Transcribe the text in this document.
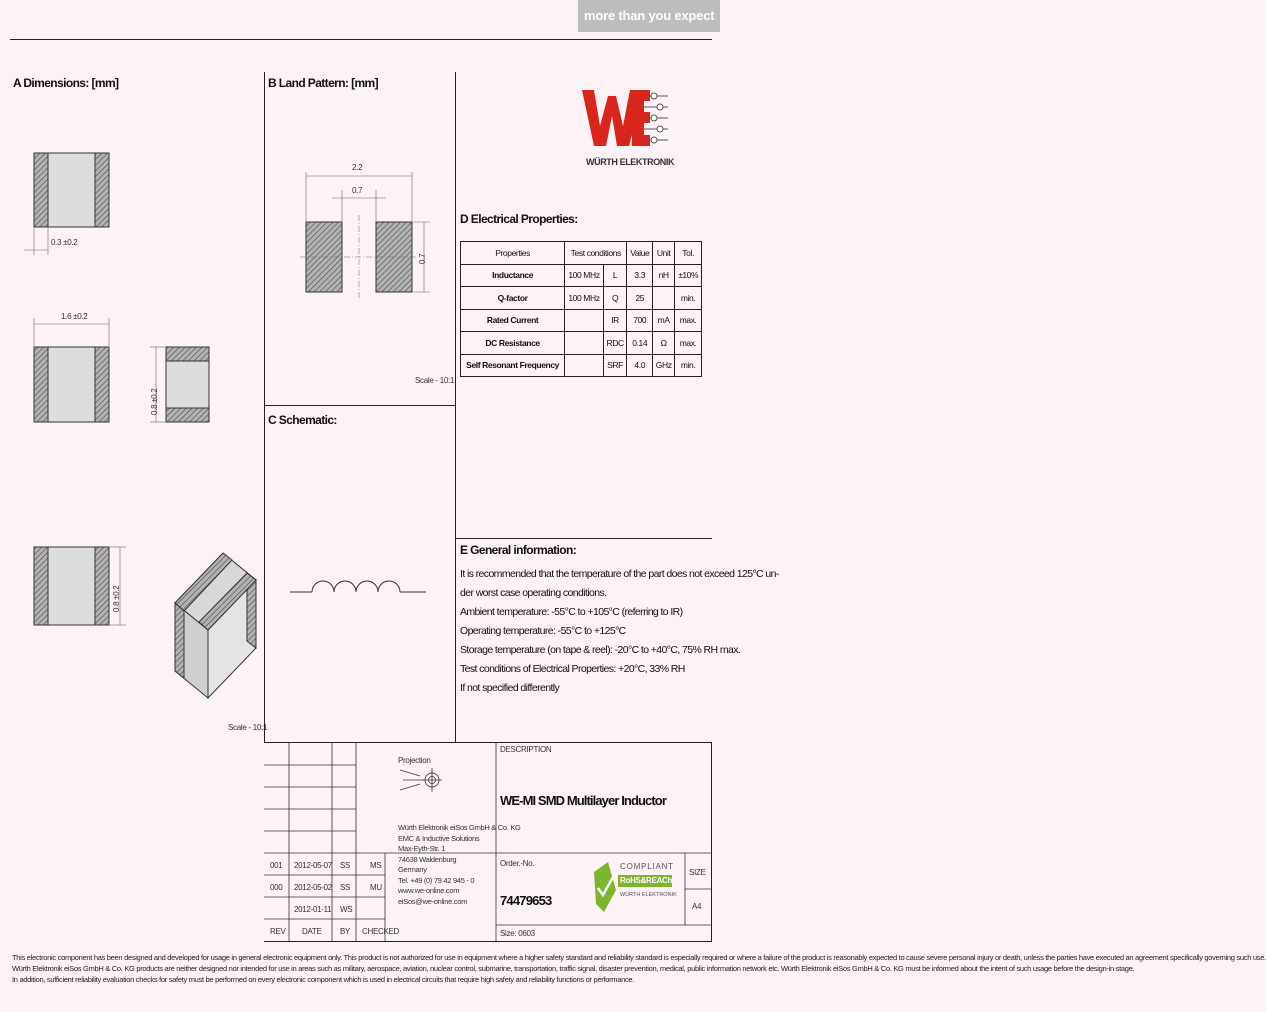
more than you expect
A Dimensions: [mm]
0.3 ±0.2
1.6 ±0.2
0.8 ±0.2
0.8 ±0.2
Scale - 10:1
B Land Pattern: [mm]
2.2
0.7
0.7
Scale - 10:1
WÜRTH ELEKTRONIK
D Electrical Properties:
Properties	Test conditions		Value	Unit	Tol.
Inductance	100 MHz	L	3.3	nH	±10%
Q-factor	100 MHz	Q	25		min.
Rated Current		IR	700	mA	max.
DC Resistance		RDC	0.14	Ω	max.
Self Resonant Frequency		SRF	4.0	GHz	min.
C Schematic:
E General information:
It is recommended that the temperature of the part does not exceed 125°C un-
der worst case operating conditions.
Ambient temperature: -55°C to +105°C (referring to IR)
Operating temperature: -55°C to +125°C
Storage temperature (on tape & reel): -20°C to +40°C, 75% RH max.
Test conditions of Electrical Properties: +20°C, 33% RH
If not specified differently
Projection
Würth Elektronik eiSos GmbH & Co. KG
EMC & Inductive Solutions
Max-Eyth-Str. 1
74638 Waldenburg
Germany
Tel. +49 (0) 79 42 945 - 0
www.we-online.com
eiSos@we-online.com
001 2012-05-07 SS MS
000 2012-05-02 SS MU
2012-01-11 WS
REV DATE BY CHECKED
DESCRIPTION
WE-MI SMD Multilayer Inductor
Order.-No.
74479653
SIZE
A4
Size: 0603
COMPLIANT
RoHS&REACh
WÜRTH ELEKTRONIK
This electronic component has been designed and developed for usage in general electronic equipment only. This product is not authorized for use in equipment where a higher safety standard and reliability standard is especially required or where a failure of the product is reasonably expected to cause severe personal injury or death, unless the parties have executed an agreement specifically governing such use.
Würth Elektronik eiSos GmbH & Co. KG products are neither designed nor intended for use in areas such as military, aerospace, aviation, nuclear control, submarine, transportation, traffic signal, disaster prevention, medical, public information network etc. Würth Elektronik eiSos GmbH & Co. KG must be informed about the intent of such usage before the design-in stage.
In addition, sufficient reliability evaluation checks for safety must be performed on every electronic component which is used in electrical circuits that require high safety and reliability functions or performance.
